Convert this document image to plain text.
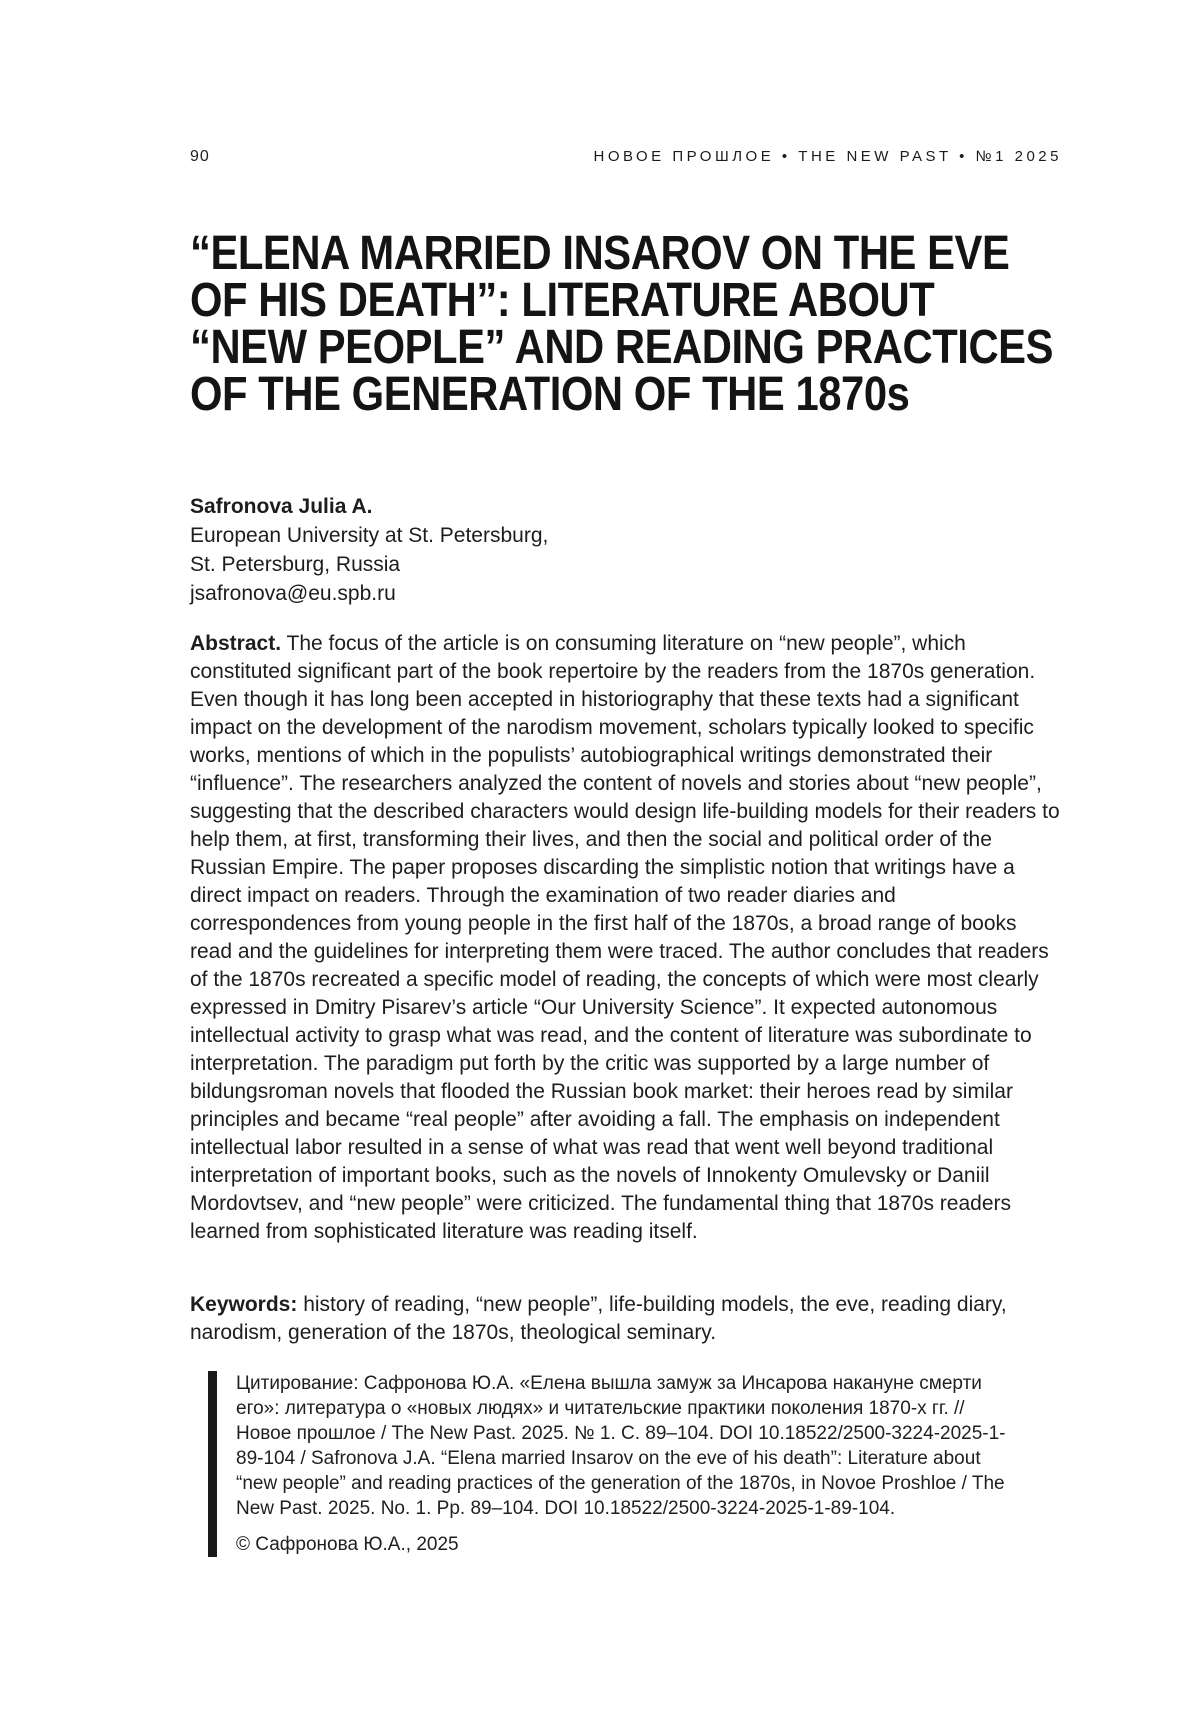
90	НОВОЕ ПРОШЛОЕ • THE NEW PAST • №1 2025
“ELENA MARRIED INSAROV ON THE EVE
OF HIS DEATH”: LITERATURE ABOUT
“NEW PEOPLE” AND READING PRACTICES
OF THE GENERATION OF THE 1870s
Safronova Julia A.
European University at St. Petersburg,
St. Petersburg, Russia
jsafronova@eu.spb.ru
Abstract. The focus of the article is on consuming literature on “new people”, which constituted significant part of the book repertoire by the readers from the 1870s generation. Even though it has long been accepted in historiography that these texts had a significant impact on the development of the narodism movement, scholars typically looked to specific works, mentions of which in the populists’ autobiographical writings demonstrated their “influence”. The researchers analyzed the content of novels and stories about “new people”, suggesting that the described characters would design life-building models for their readers to help them, at first, transforming their lives, and then the social and political order of the Russian Empire. The paper proposes discarding the simplistic notion that writings have a direct impact on readers. Through the examination of two reader diaries and correspondences from young people in the first half of the 1870s, a broad range of books read and the guidelines for interpreting them were traced. The author concludes that readers of the 1870s recreated a specific model of reading, the concepts of which were most clearly expressed in Dmitry Pisarev’s article “Our University Science”. It expected autonomous intellectual activity to grasp what was read, and the content of literature was subordinate to interpretation. The paradigm put forth by the critic was supported by a large number of bildungsroman novels that flooded the Russian book market: their heroes read by similar principles and became “real people” after avoiding a fall. The emphasis on independent intellectual labor resulted in a sense of what was read that went well beyond traditional interpretation of important books, such as the novels of Innokenty Omulevsky or Daniil Mordovtsev, and “new people” were criticized. The fundamental thing that 1870s readers learned from sophisticated literature was reading itself.
Keywords: history of reading, “new people”, life-building models, the eve, reading diary, narodism, generation of the 1870s, theological seminary.
Цитирование: Сафронова Ю.А. «Елена вышла замуж за Инсарова накануне смерти его»: литература о «новых людях» и читательские практики поколения 1870-х гг. // Новое прошлое / The New Past. 2025. № 1. С. 89–104. DOI 10.18522/2500-3224-2025-1-89-104 / Safronova J.A. “Elena married Insarov on the eve of his death”: Literature about “new people” and reading practices of the generation of the 1870s, in Novoe Proshloe / The New Past. 2025. No. 1. Pp. 89–104. DOI 10.18522/2500-3224-2025-1-89-104.
© Сафронова Ю.А., 2025
